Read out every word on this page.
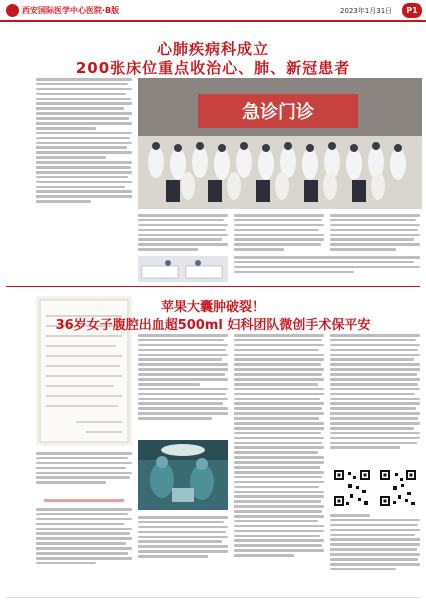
西安国际医学中心医院·B版	2023年1月31日	P1
心肺疾病科成立
200张床位重点收治心、肺、新冠患者
急诊门诊
苹果大囊肿破裂！
36岁女子腹腔出血超500ml 妇科团队微创手术保平安
